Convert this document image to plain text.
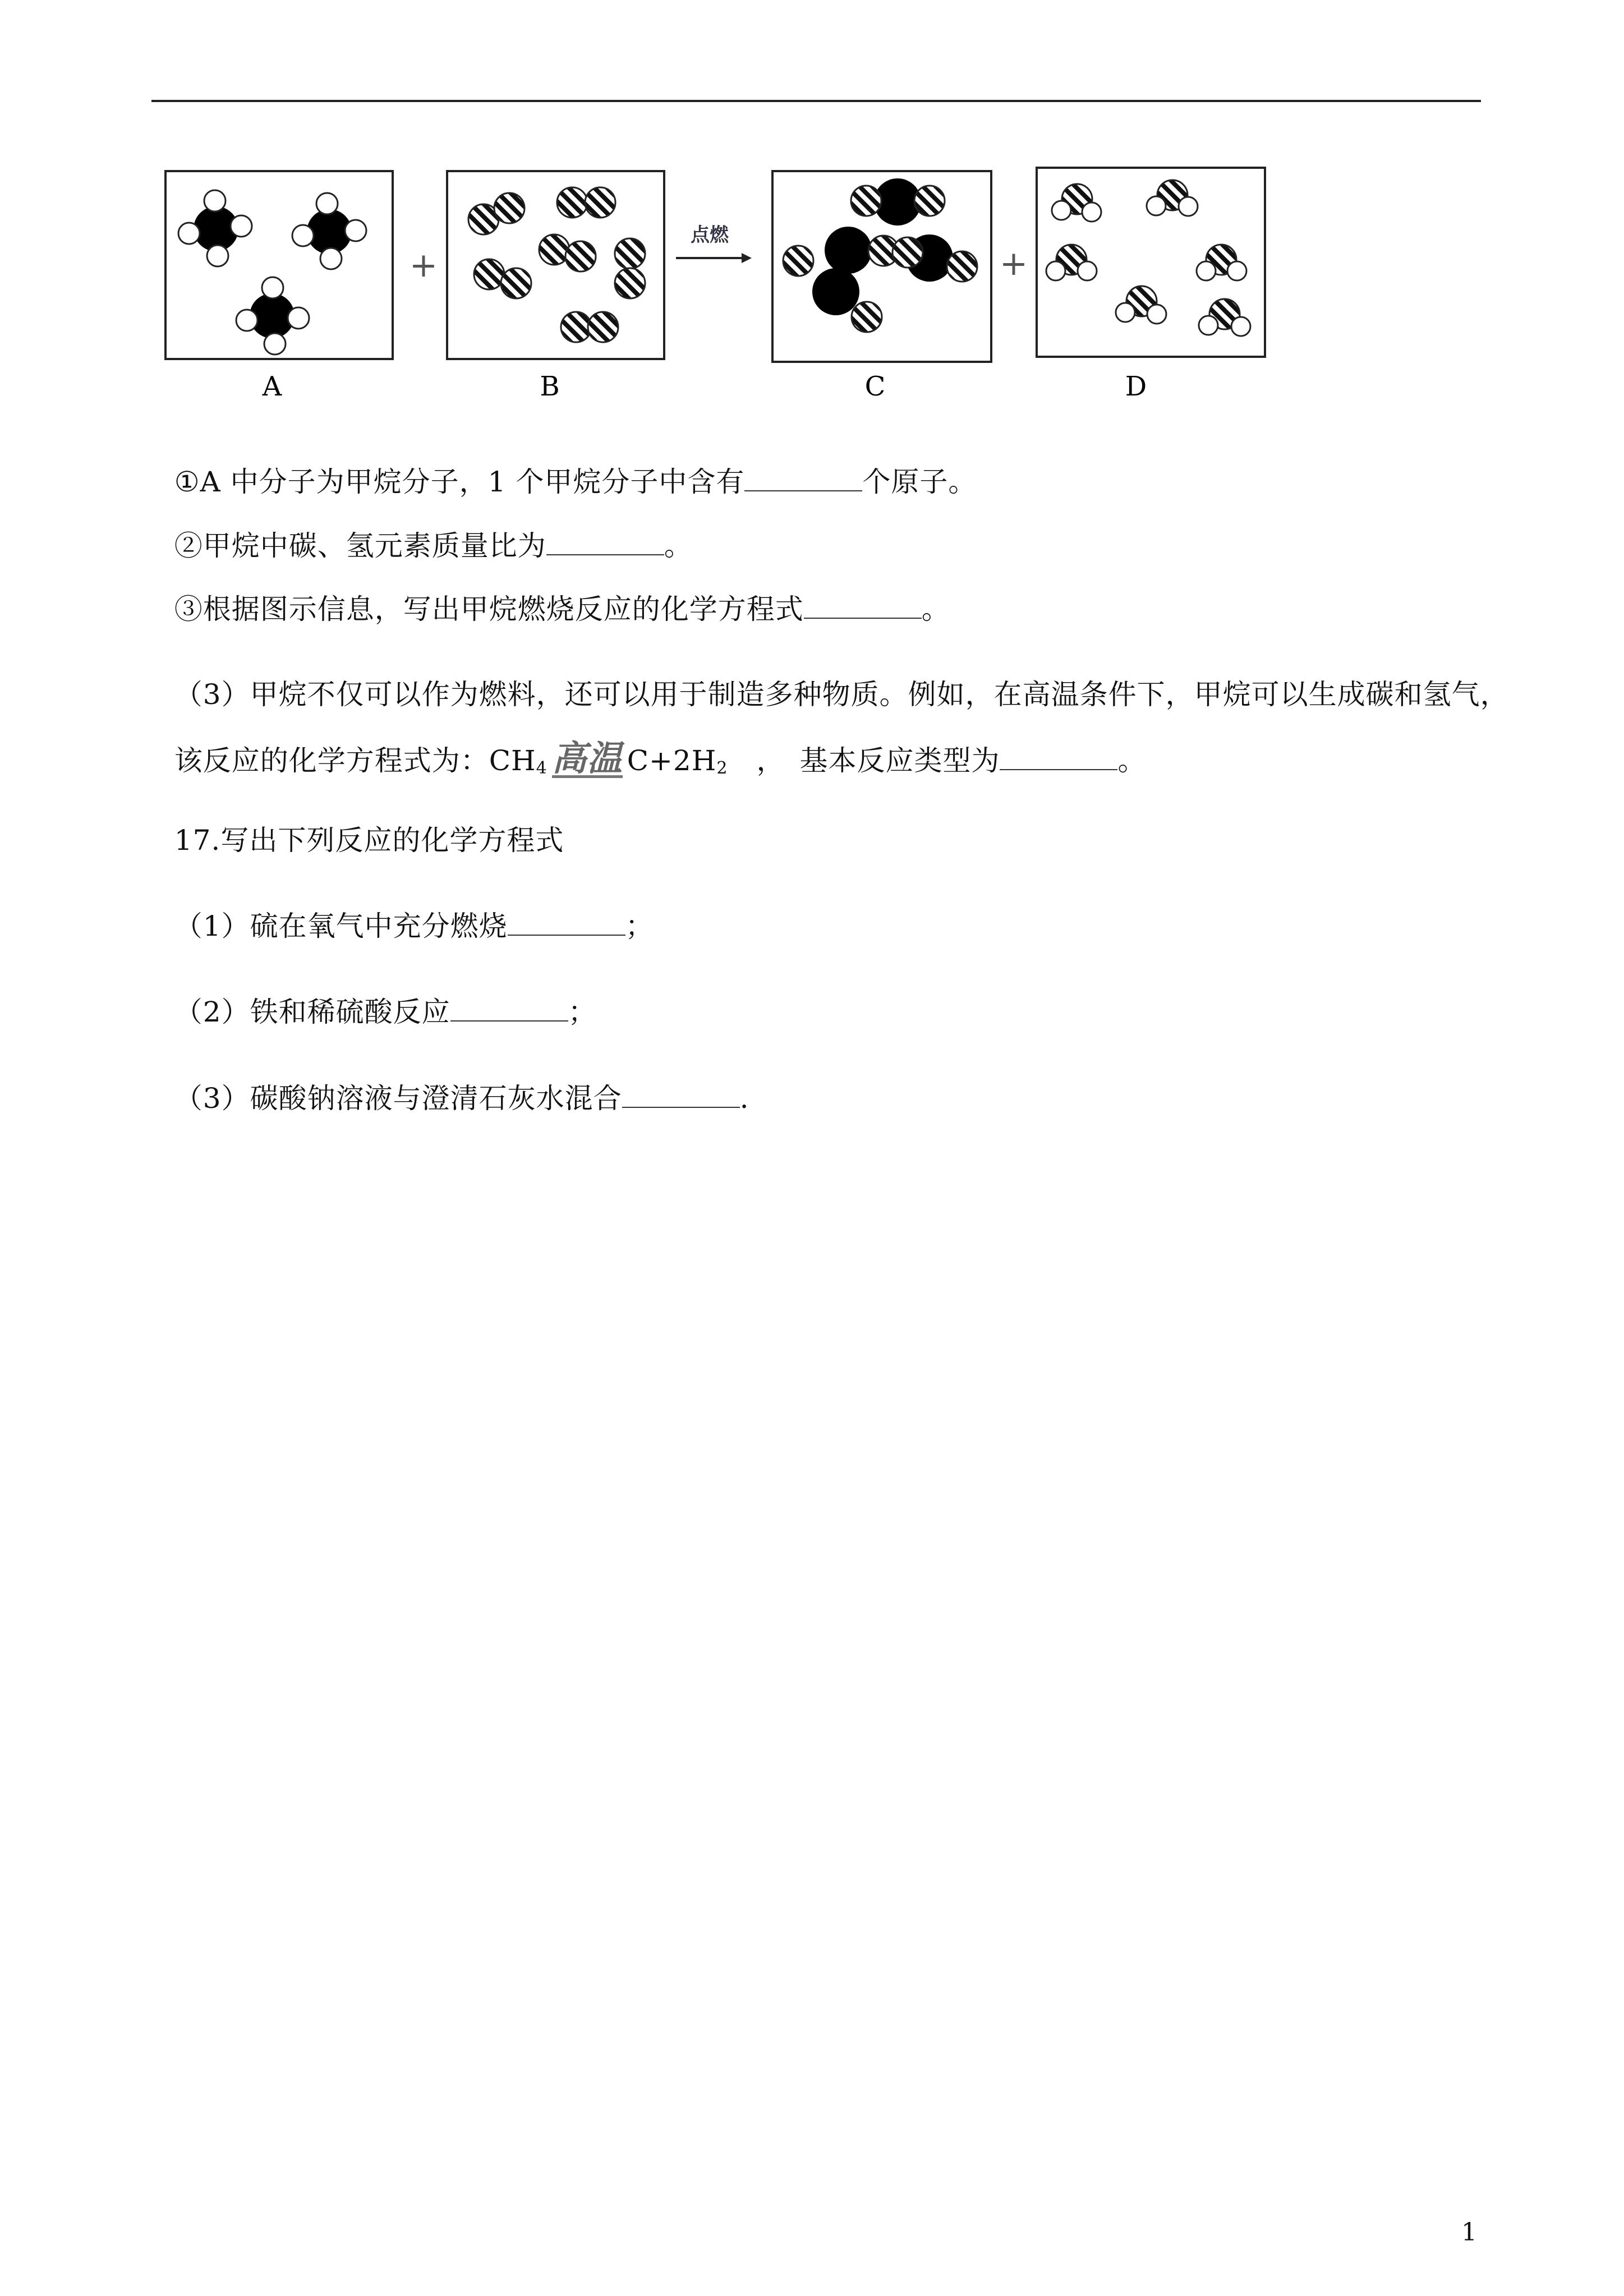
A
+
B
点燃
C
+
D

①A 中分子为甲烷分子，1 个甲烷分子中含有	个原子。

②甲烷中碳、氢元素质量比为	。

③根据图示信息，写出甲烷燃烧反应的化学方程式	。

（3）甲烷不仅可以作为燃料，还可以用于制造多种物质。例如，在高温条件下，甲烷可以生成碳和氢气，

该反应的化学方程式为：$CH_4$ 高温 $C+2H_2$　，　基本反应类型为	。

17.写出下列反应的化学方程式

（1）硫在氧气中充分燃烧	；

（2）铁和稀硫酸反应	；

（3）碳酸钠溶液与澄清石灰水混合	.

1
